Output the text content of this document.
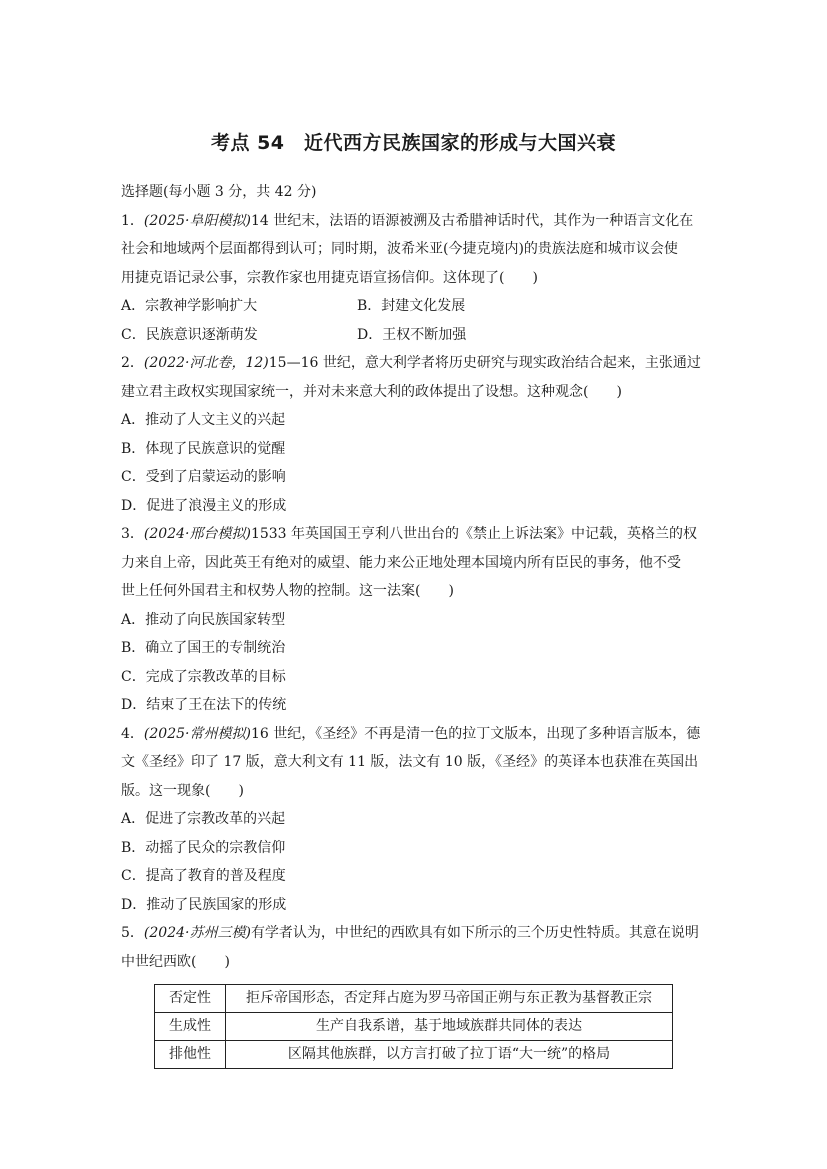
考点 54　近代西方民族国家的形成与大国兴衰
选择题(每小题 3 分，共 42 分)
1．(2025·阜阳模拟)14 世纪末，法语的语源被溯及古希腊神话时代，其作为一种语言文化在
社会和地域两个层面都得到认可；同时期，波希米亚(今捷克境内)的贵族法庭和城市议会使
用捷克语记录公事，宗教作家也用捷克语宣扬信仰。这体现了(　　)
A．宗教神学影响扩大	B．封建文化发展
C．民族意识逐渐萌发	D．王权不断加强
2．(2022·河北卷，12)15—16 世纪，意大利学者将历史研究与现实政治结合起来，主张通过
建立君主政权实现国家统一，并对未来意大利的政体提出了设想。这种观念(　　)
A．推动了人文主义的兴起
B．体现了民族意识的觉醒
C．受到了启蒙运动的影响
D．促进了浪漫主义的形成
3．(2024·邢台模拟)1533 年英国国王亨利八世出台的《禁止上诉法案》中记载，英格兰的权
力来自上帝，因此英王有绝对的威望、能力来公正地处理本国境内所有臣民的事务，他不受
世上任何外国君主和权势人物的控制。这一法案(　　)
A．推动了向民族国家转型
B．确立了国王的专制统治
C．完成了宗教改革的目标
D．结束了王在法下的传统
4．(2025·常州模拟)16 世纪，《圣经》不再是清一色的拉丁文版本，出现了多种语言版本，德
文《圣经》印了 17 版，意大利文有 11 版，法文有 10 版，《圣经》的英译本也获准在英国出
版。这一现象(　　)
A．促进了宗教改革的兴起
B．动摇了民众的宗教信仰
C．提高了教育的普及程度
D．推动了民族国家的形成
5．(2024·苏州三模)有学者认为，中世纪的西欧具有如下所示的三个历史性特质。其意在说明
中世纪西欧(　　)
否定性	拒斥帝国形态，否定拜占庭为罗马帝国正朔与东正教为基督教正宗
生成性	生产自我系谱，基于地域族群共同体的表达
排他性	区隔其他族群，以方言打破了拉丁语“大一统”的格局
